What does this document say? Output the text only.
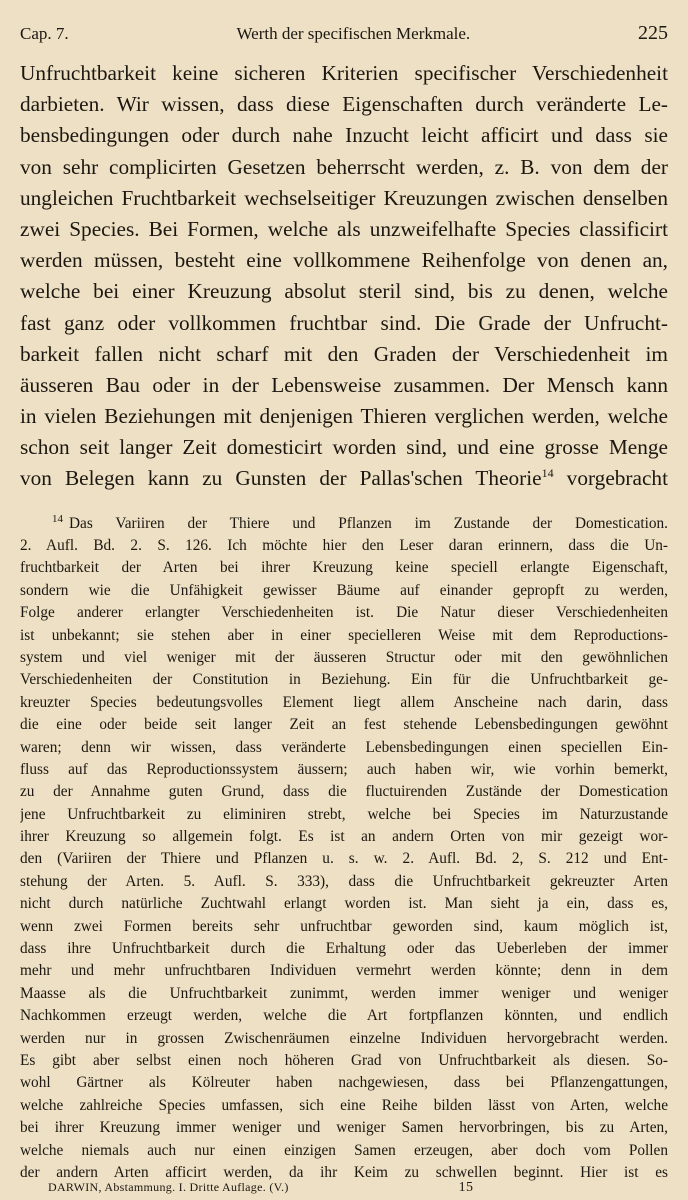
Cap. 7.	Werth der specifischen Merkmale.	225
Unfruchtbarkeit keine sicheren Kriterien specifischer Verschiedenheit
darbieten. Wir wissen, dass diese Eigenschaften durch veränderte Le-
bensbedingungen oder durch nahe Inzucht leicht afficirt und dass sie
von sehr complicirten Gesetzen beherrscht werden, z. B. von dem der
ungleichen Fruchtbarkeit wechselseitiger Kreuzungen zwischen denselben
zwei Species. Bei Formen, welche als unzweifelhafte Species classificirt
werden müssen, besteht eine vollkommene Reihenfolge von denen an,
welche bei einer Kreuzung absolut steril sind, bis zu denen, welche
fast ganz oder vollkommen fruchtbar sind. Die Grade der Unfrucht-
barkeit fallen nicht scharf mit den Graden der Verschiedenheit im
äusseren Bau oder in der Lebensweise zusammen. Der Mensch kann
in vielen Beziehungen mit denjenigen Thieren verglichen werden, welche
schon seit langer Zeit domesticirt worden sind, und eine grosse Menge
von Belegen kann zu Gunsten der Pallas'schen Theorie$^{14}$ vorgebracht
$^{14}$ Das Variiren der Thiere und Pflanzen im Zustande der Domestication.
2. Aufl. Bd. 2. S. 126. Ich möchte hier den Leser daran erinnern, dass die Un-
fruchtbarkeit der Arten bei ihrer Kreuzung keine speciell erlangte Eigenschaft,
sondern wie die Unfähigkeit gewisser Bäume auf einander gepropft zu werden,
Folge anderer erlangter Verschiedenheiten ist. Die Natur dieser Verschiedenheiten
ist unbekannt; sie stehen aber in einer specielleren Weise mit dem Reproductions-
system und viel weniger mit der äusseren Structur oder mit den gewöhnlichen
Verschiedenheiten der Constitution in Beziehung. Ein für die Unfruchtbarkeit ge-
kreuzter Species bedeutungsvolles Element liegt allem Anscheine nach darin, dass
die eine oder beide seit langer Zeit an fest stehende Lebensbedingungen gewöhnt
waren; denn wir wissen, dass veränderte Lebensbedingungen einen speciellen Ein-
fluss auf das Reproductionssystem äussern; auch haben wir, wie vorhin bemerkt,
zu der Annahme guten Grund, dass die fluctuirenden Zustände der Domestication
jene Unfruchtbarkeit zu eliminiren strebt, welche bei Species im Naturzustande
ihrer Kreuzung so allgemein folgt. Es ist an andern Orten von mir gezeigt wor-
den (Variiren der Thiere und Pflanzen u. s. w. 2. Aufl. Bd. 2, S. 212 und Ent-
stehung der Arten. 5. Aufl. S. 333), dass die Unfruchtbarkeit gekreuzter Arten
nicht durch natürliche Zuchtwahl erlangt worden ist. Man sieht ja ein, dass es,
wenn zwei Formen bereits sehr unfruchtbar geworden sind, kaum möglich ist,
dass ihre Unfruchtbarkeit durch die Erhaltung oder das Ueberleben der immer
mehr und mehr unfruchtbaren Individuen vermehrt werden könnte; denn in dem
Maasse als die Unfruchtbarkeit zunimmt, werden immer weniger und weniger
Nachkommen erzeugt werden, welche die Art fortpflanzen könnten, und endlich
werden nur in grossen Zwischenräumen einzelne Individuen hervorgebracht werden.
Es gibt aber selbst einen noch höheren Grad von Unfruchtbarkeit als diesen. So-
wohl Gärtner als Kölreuter haben nachgewiesen, dass bei Pflanzengattungen,
welche zahlreiche Species umfassen, sich eine Reihe bilden lässt von Arten, welche
bei ihrer Kreuzung immer weniger und weniger Samen hervorbringen, bis zu Arten,
welche niemals auch nur einen einzigen Samen erzeugen, aber doch vom Pollen
der andern Arten afficirt werden, da ihr Keim zu schwellen beginnt. Hier ist es
DARWIN, Abstammung. I. Dritte Auflage. (V.)	15
